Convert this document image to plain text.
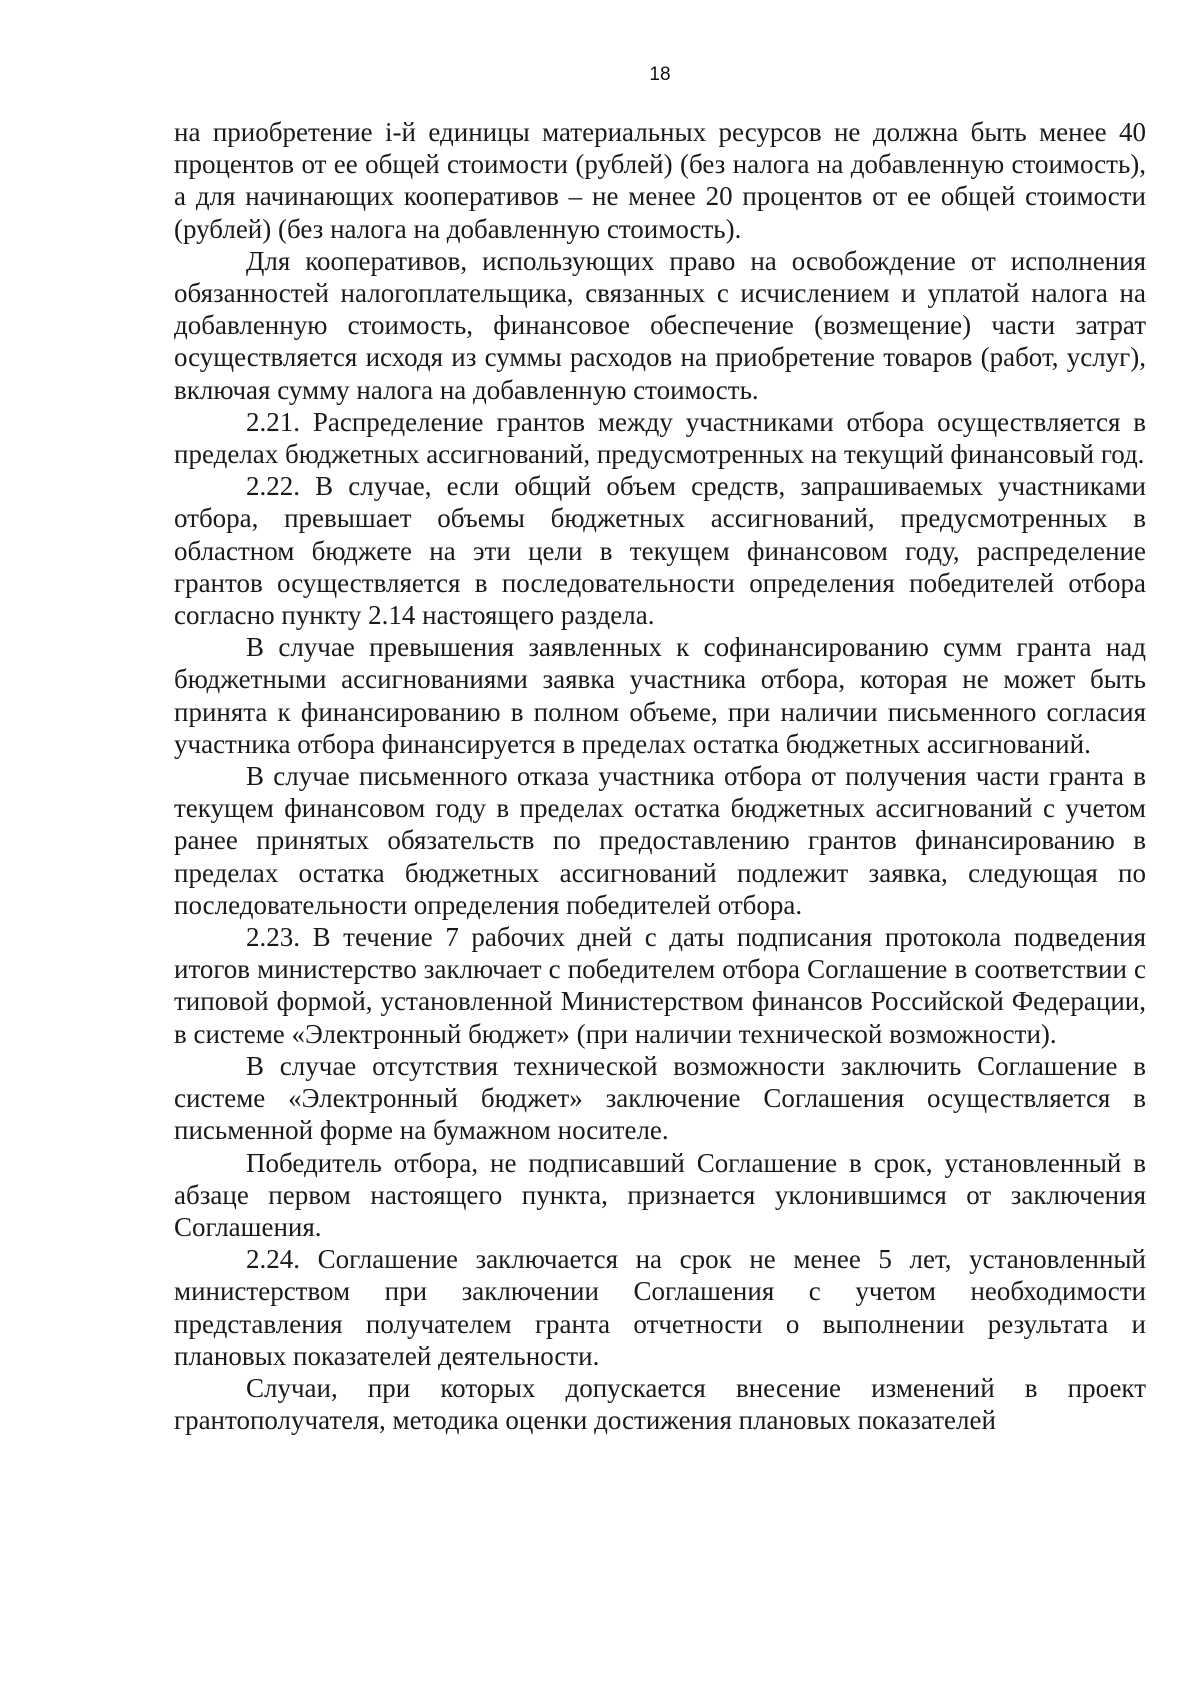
18

на приобретение i-й единицы материальных ресурсов не должна быть менее 40 процентов от ее общей стоимости (рублей) (без налога на добавленную стоимость), а для начинающих кооперативов – не менее 20 процентов от ее общей стоимости (рублей) (без налога на добавленную стоимость).

Для кооперативов, использующих право на освобождение от исполнения обязанностей налогоплательщика, связанных с исчислением и уплатой налога на добавленную стоимость, финансовое обеспечение (возмещение) части затрат осуществляется исходя из суммы расходов на приобретение товаров (работ, услуг), включая сумму налога на добавленную стоимость.

2.21. Распределение грантов между участниками отбора осуществляется в пределах бюджетных ассигнований, предусмотренных на текущий финансовый год.

2.22. В случае, если общий объем средств, запрашиваемых участниками отбора, превышает объемы бюджетных ассигнований, предусмотренных в областном бюджете на эти цели в текущем финансовом году, распределение грантов осуществляется в последовательности определения победителей отбора согласно пункту 2.14 настоящего раздела.

В случае превышения заявленных к софинансированию сумм гранта над бюджетными ассигнованиями заявка участника отбора, которая не может быть принята к финансированию в полном объеме, при наличии письменного согласия участника отбора финансируется в пределах остатка бюджетных ассигнований.

В случае письменного отказа участника отбора от получения части гранта в текущем финансовом году в пределах остатка бюджетных ассигнований с учетом ранее принятых обязательств по предоставлению грантов финансированию в пределах остатка бюджетных ассигнований подлежит заявка, следующая по последовательности определения победителей отбора.

2.23. В течение 7 рабочих дней с даты подписания протокола подведения итогов министерство заключает с победителем отбора Соглашение в соответствии с типовой формой, установленной Министерством финансов Российской Федерации, в системе «Электронный бюджет» (при наличии технической возможности).

В случае отсутствия технической возможности заключить Соглашение в системе «Электронный бюджет» заключение Соглашения осуществляется в письменной форме на бумажном носителе.

Победитель отбора, не подписавший Соглашение в срок, установленный в абзаце первом настоящего пункта, признается уклонившимся от заключения Соглашения.

2.24. Соглашение заключается на срок не менее 5 лет, установленный министерством при заключении Соглашения с учетом необходимости представления получателем гранта отчетности о выполнении результата и плановых показателей деятельности.

Случаи, при которых допускается внесение изменений в проект грантополучателя, методика оценки достижения плановых показателей
